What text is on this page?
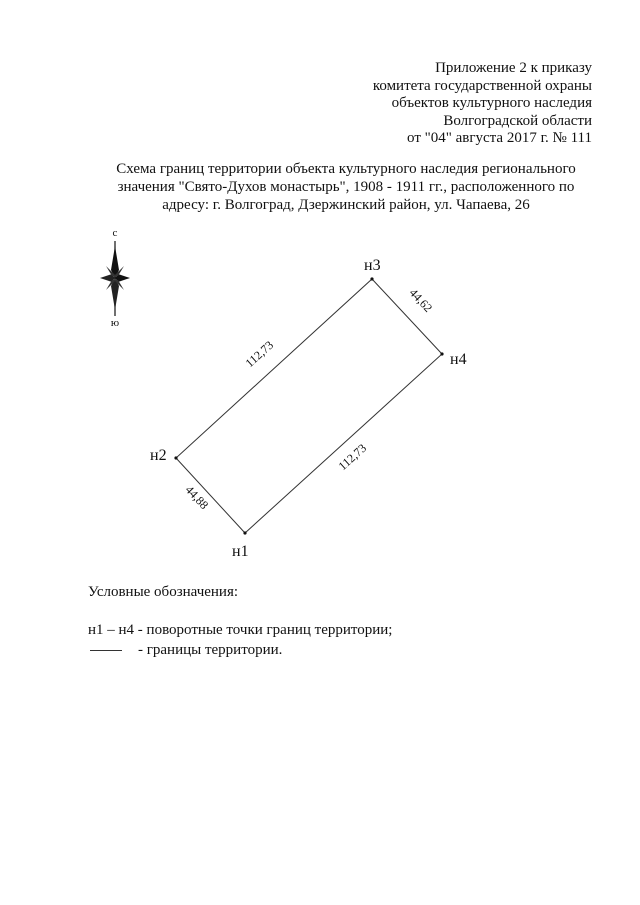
Приложение 2 к приказу
комитета государственной охраны
объектов культурного наследия
Волгоградской области
от "04" августа 2017 г. № 111
Схема границ территории объекта культурного наследия регионального
значения "Свято-Духов монастырь", 1908 - 1911 гг., расположенного по
адресу: г. Волгоград, Дзержинский район, ул. Чапаева, 26
с
ю
н1
н2
н3
н4
44,88
112,73
44,62
112,73
Условные обозначения:
н1 – н4 - поворотные точки границ территории;
- границы территории.
